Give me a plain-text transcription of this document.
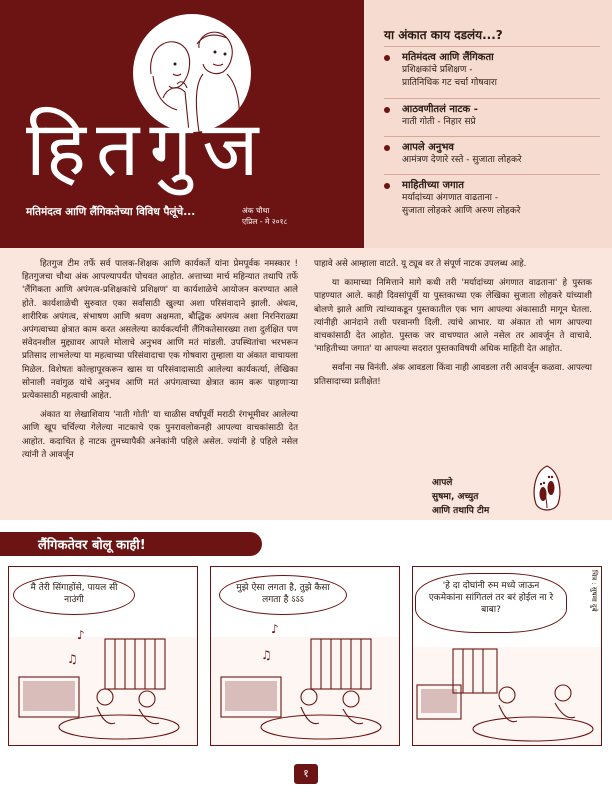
हितगुज
मतिमंदत्व आणि लैंगिकतेच्या विविध पैलूंचे...	अंक चौथा
एप्रिल - मे २०१८
या अंकात काय दडलंय...?
मतिमंदत्व आणि लैंगिकता
प्रशिक्षकांचे प्रशिक्षण -
प्रातिनिधिक गट चर्चा गोषवारा
आठवणीतलं नाटक -
नाती गोती - निहार सप्रे
आपले अनुभव
आमंत्रण देणारे रस्ते - सुजाता लोहकरे
माहितीच्या जगात
मर्यादांच्या अंगणात वाढताना -
सुजाता लोहकरे आणि अरुण लोहकरे

हितगुज टीम तर्फे सर्व पालक-शिक्षक आणि कार्यकर्ते यांना प्रेमपूर्वक नमस्कार ! हितगुजचा चौथा अंक आपल्यापर्यंत पोचवत आहोत. अत्ताच्या मार्च महिन्यात तथापि तर्फे 'लैंगिकता आणि अपंगत्व-प्रशिक्षकांचे प्रशिक्षण' या कार्यशाळेचे आयोजन करण्यात आले होते. कार्यशाळेची सुरुवात एका सर्वांसाठी खुल्या अशा परिसंवादाने झाली. अंधत्व, शारीरिक अपंगत्व, संभाषण आणि श्रवण अक्षमता, बौद्धिक अपंगत्व अशा निरनिराळ्या अपंगत्वाच्या क्षेत्रात काम करत असलेल्या कार्यकर्त्यांनी लैंगिकतेसारख्या तशा दुर्लक्षित पण संवेदनशील मुद्द्यावर आपले मोलाचे अनुभव आणि मतं मांडली. उपस्थितांचा भरभरून प्रतिसाद लाभलेल्या या महत्वाच्या परिसंवादाचा एक गोषवारा तुम्हाला या अंकात वाचायला मिळेल. विशेषतः कोल्हापूरकरून खास या परिसंवादासाठी आलेल्या कार्यकर्त्या, लेखिका सोनाली नवांगुळ यांचे अनुभव आणि मतं अपंगत्वाच्या क्षेत्रात काम करू पाहणाऱ्या प्रत्येकासाठी महत्वाची आहेत.

अंकात या लेखाशिवाय 'नाती गोती' या चाळीस वर्षांपूर्वी मराठी रंगभूमीवर आलेल्या आणि खूप चर्चिल्या गेलेल्या नाटकाचे एक पुनरावलोकनही आपल्या वाचकांसाठी देत आहोत. कदाचित हे नाटक तुमच्यापैकी अनेकांनी पहिले असेल. ज्यांनी हे पहिले नसेल त्यांनी ते आवर्जून

पाहावे असे आम्हाला वाटते. यू ट्यूब वर ते संपूर्ण नाटक उपलब्ध आहे.

या कामाच्या निमित्ताने मागे कधी तरी 'मर्यादांच्या अंगणात वाढताना' हे पुस्तक पाहण्यात आले. काही दिवसांपूर्वी या पुस्तकाच्या एक लेखिका सुजाता लोहकरे यांच्याशी बोलणे झाले आणि त्यांच्याकडून पुस्तकातील एक भाग आपल्या अंकासाठी मागून घेतला. त्यांनीही आनंदाने तशी परवानगी दिली. त्यांचे आभार. या अंकात तो भाग आपल्या वाचकांसाठी देत आहोत. पुस्तक जर वाचण्यात आले नसेल तर आवर्जून ते वाचावे. 'माहितीच्या जगात' या आपल्या सदरात पुस्तकाविषयी अधिक माहिती देत आहोत.

सर्वांना नम्र विनंती. अंक आवडला किंवा नाही आवडला तरी आवर्जून कळवा. आपल्या प्रतिसादाच्या प्रतीक्षेत!

आपले
सुषमा, अच्युत
आणि तथापि टीम
लैंगिकतेवर बोलू काही!
♪
♫
मै तेरी सिंगाहोंसे, पायल सी नाउंगी
♪
♫
मुझे ऐसा लगता है, तुझे कैसा लगता है ऽऽऽ
'हे दा दोघांनी रुम मध्ये जाऊन एकमेकांना सांगितलं तर बरं होईल ना रे बाबा?	चित्र : सुषमा दुबे
१
